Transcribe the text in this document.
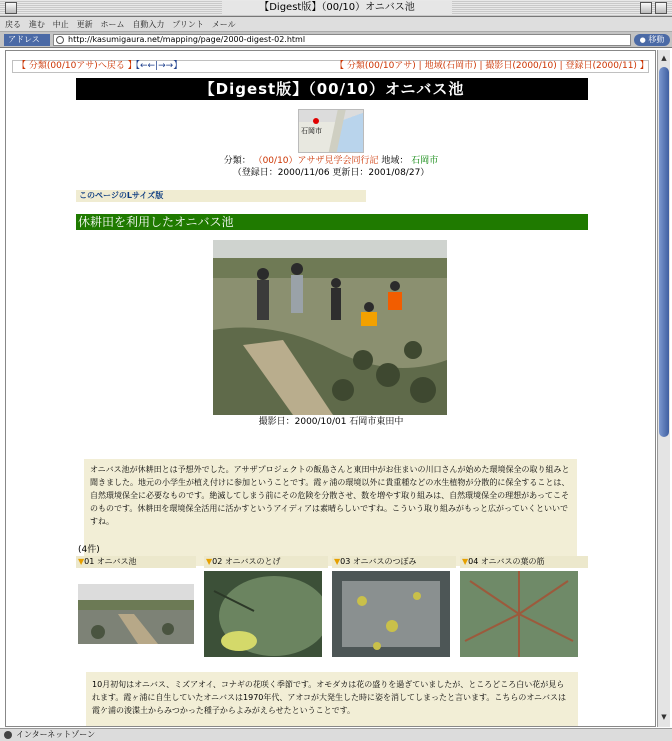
【Digest版】（00/10）オニバス池
戻る 進む 中止 更新 ホーム 自動入力 プリント メール
アドレス	http://kasumigaura.net/mapping/page/2000-digest-02.html	● 移動
【 分類(00/10アサ)へ戻る 】
【←←|→→】	【 分類(00/10アサ) | 地域(石岡市) | 撮影日(2000/10) | 登録日(2000/11) 】
【Digest版】（00/10）オニバス池
石岡市
分類： （00/10）アサザ見学会同行記 地域： 石岡市
（登録日：2000/11/06 更新日：2001/08/27）
このページのLサイズ版
休耕田を利用したオニバス池
撮影日：2000/10/01 石岡市東田中
オニバス池が休耕田とは予想外でした。アサザプロジェクトの飯島さんと東田中がお住まいの川口さんが始めた環境保全の取り組みと聞きました。地元の小学生が植え付けに参加ということです。霞ヶ浦の環境以外に貴重種などの水生植物が分散的に保全することは、自然環境保全に必要なものです。絶滅してしまう前にその危険を分散させ、数を増やす取り組みは、自然環境保全の理想があってこそのものです。休耕田を環境保全活用に活かすというアイディアは素晴らしいですね。こういう取り組みがもっと広がっていくといいですね。
(4件)
▼01 オニバス池	▼02 オニバスのとげ	▼03 オニバスのつぼみ	▼04 オニバスの葉の筋
10月初旬はオニバス、ミズアオイ、コナギの花咲く季節です。オモダカは花の盛りを過ぎていましたが、ところどころ白い花が見られます。霞ヶ浦に自生していたオニバスは1970年代、アオコが大発生した時に姿を消してしまったと言います。こちらのオニバスは霞ケ浦の浚渫土からみつかった種子からよみがえらせたということです。
▲
▼
インターネットゾーン
